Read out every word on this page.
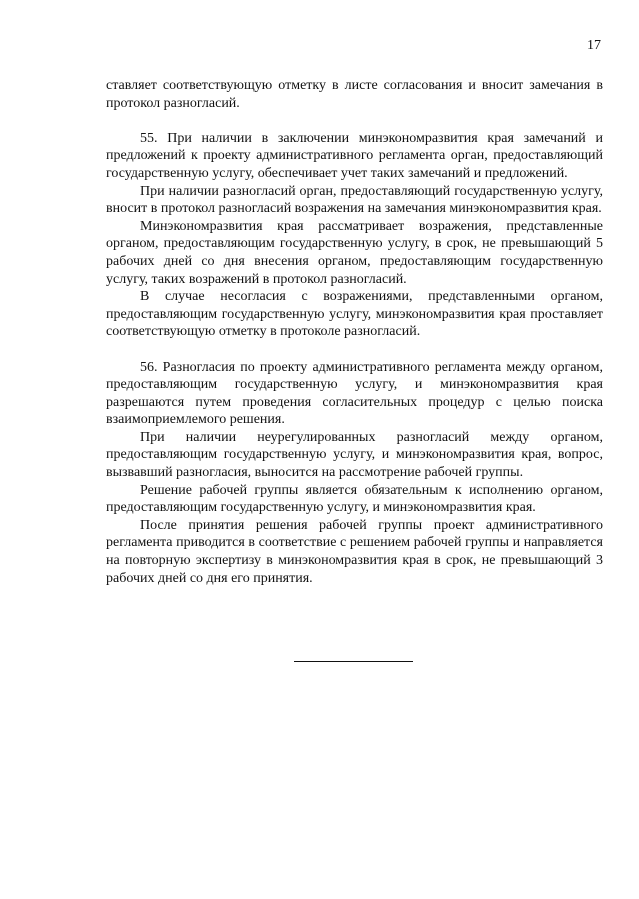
17

ставляет соответствующую отметку в листе согласования и вносит замечания в протокол разногласий.

55. При наличии в заключении минэкономразвития края замечаний и предложений к проекту административного регламента орган, предоставляющий государственную услугу, обеспечивает учет таких замечаний и предложений.

При наличии разногласий орган, предоставляющий государственную услугу, вносит в протокол разногласий возражения на замечания минэкономразвития края.

Минэкономразвития края рассматривает возражения, представленные органом, предоставляющим государственную услугу, в срок, не превышающий 5 рабочих дней со дня внесения органом, предоставляющим государственную услугу, таких возражений в протокол разногласий.

В случае несогласия с возражениями, представленными органом, предоставляющим государственную услугу, минэкономразвития края проставляет соответствующую отметку в протоколе разногласий.

56. Разногласия по проекту административного регламента между органом, предоставляющим государственную услугу, и минэкономразвития края разрешаются путем проведения согласительных процедур с целью поиска взаимоприемлемого решения.

При наличии неурегулированных разногласий между органом, предоставляющим государственную услугу, и минэкономразвития края, вопрос, вызвавший разногласия, выносится на рассмотрение рабочей группы.

Решение рабочей группы является обязательным к исполнению органом, предоставляющим государственную услугу, и минэкономразвития края.

После принятия решения рабочей группы проект административного регламента приводится в соответствие с решением рабочей группы и направляется на повторную экспертизу в минэкономразвития края в срок, не превышающий 3 рабочих дней со дня его принятия.
